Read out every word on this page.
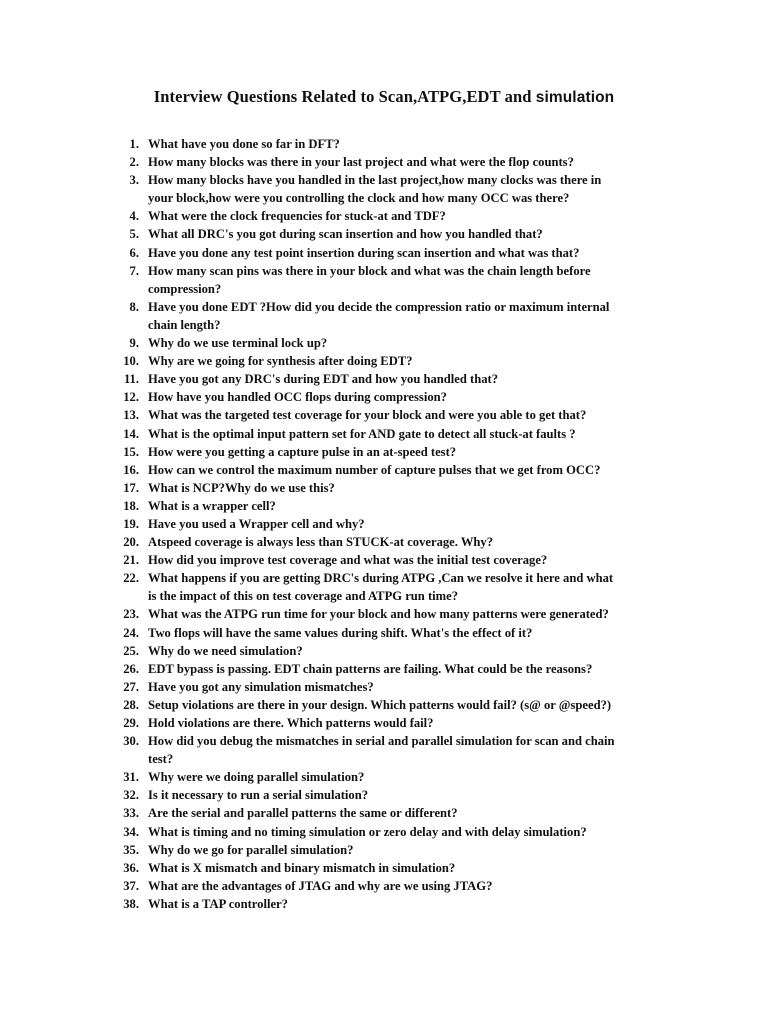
Interview Questions Related to Scan,ATPG,EDT and simulation
1. What have you done so far in DFT?
2. How many blocks was there in your last project and what were the flop counts?
3. How many blocks have you handled in the last project,how many clocks was there in
your block,how were you controlling the clock and how many OCC was there?
4. What were the clock frequencies for stuck-at and TDF?
5. What all DRC's you got during scan insertion and how you handled that?
6. Have you done any test point insertion during scan insertion and what was that?
7. How many scan pins was there in your block and what was the chain length before
compression?
8. Have you done EDT ?How did you decide the compression ratio or maximum internal
chain length?
9. Why do we use terminal lock up?
10. Why are we going for synthesis after doing EDT?
11. Have you got any DRC's during EDT and how you handled that?
12. How have you handled OCC flops during compression?
13. What was the targeted test coverage for your block and were you able to get that?
14. What is the optimal input pattern set for AND gate to detect all stuck-at faults ?
15. How were you getting a capture pulse in an at-speed test?
16. How can we control the maximum number of capture pulses that we get from OCC?
17. What is NCP?Why do we use this?
18. What is a wrapper cell?
19. Have you used a Wrapper cell and why?
20. Atspeed coverage is always less than STUCK-at coverage. Why?
21. How did you improve test coverage and what was the initial test coverage?
22. What happens if you are getting DRC's during ATPG ,Can we resolve it here and what
is the impact of this on test coverage and ATPG run time?
23. What was the ATPG run time for your block and how many patterns were generated?
24. Two flops will have the same values during shift. What's the effect of it?
25. Why do we need simulation?
26. EDT bypass is passing. EDT chain patterns are failing. What could be the reasons?
27. Have you got any simulation mismatches?
28. Setup violations are there in your design. Which patterns would fail? (s@ or @speed?)
29. Hold violations are there. Which patterns would fail?
30. How did you debug the mismatches in serial and parallel simulation for scan and chain
test?
31. Why were we doing parallel simulation?
32. Is it necessary to run a serial simulation?
33. Are the serial and parallel patterns the same or different?
34. What is timing and no timing simulation or zero delay and with delay simulation?
35. Why do we go for parallel simulation?
36. What is X mismatch and binary mismatch in simulation?
37. What are the advantages of JTAG and why are we using JTAG?
38. What is a TAP controller?
